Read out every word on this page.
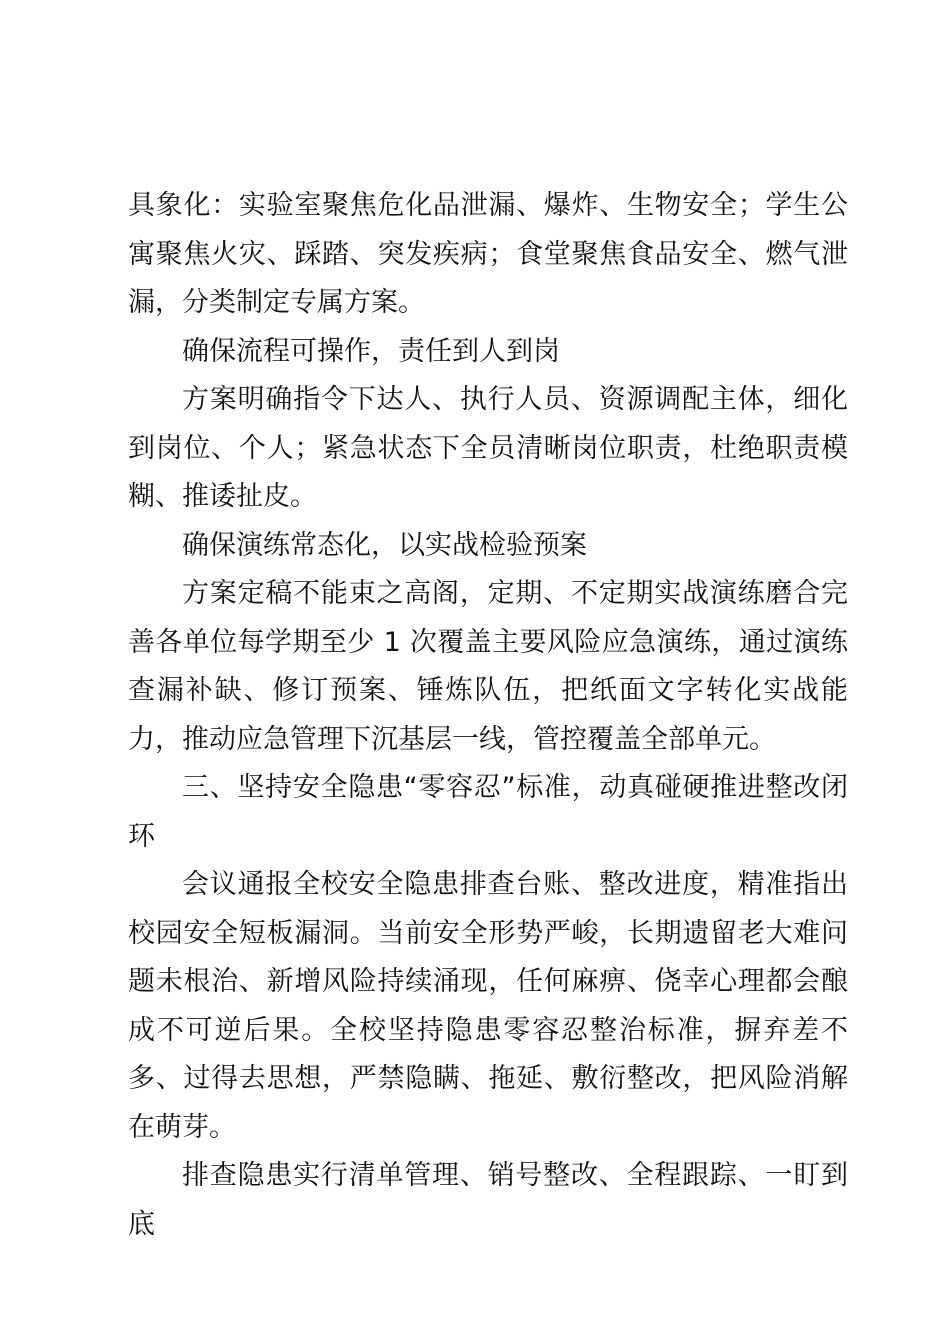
具象化：实验室聚焦危化品泄漏、爆炸、生物安全；学生公寓聚焦火灾、踩踏、突发疾病；食堂聚焦食品安全、燃气泄漏，分类制定专属方案。

确保流程可操作，责任到人到岗

方案明确指令下达人、执行人员、资源调配主体，细化到岗位、个人；紧急状态下全员清晰岗位职责，杜绝职责模糊、推诿扯皮。

确保演练常态化，以实战检验预案

方案定稿不能束之高阁，定期、不定期实战演练磨合完善各单位每学期至少 1 次覆盖主要风险应急演练，通过演练查漏补缺、修订预案、锤炼队伍，把纸面文字转化实战能力，推动应急管理下沉基层一线，管控覆盖全部单元。

三、坚持安全隐患“零容忍”标准，动真碰硬推进整改闭环

会议通报全校安全隐患排查台账、整改进度，精准指出校园安全短板漏洞。当前安全形势严峻，长期遗留老大难问题未根治、新增风险持续涌现，任何麻痹、侥幸心理都会酿成不可逆后果。全校坚持隐患零容忍整治标准，摒弃差不多、过得去思想，严禁隐瞒、拖延、敷衍整改，把风险消解在萌芽。

排查隐患实行清单管理、销号整改、全程跟踪、一盯到底
